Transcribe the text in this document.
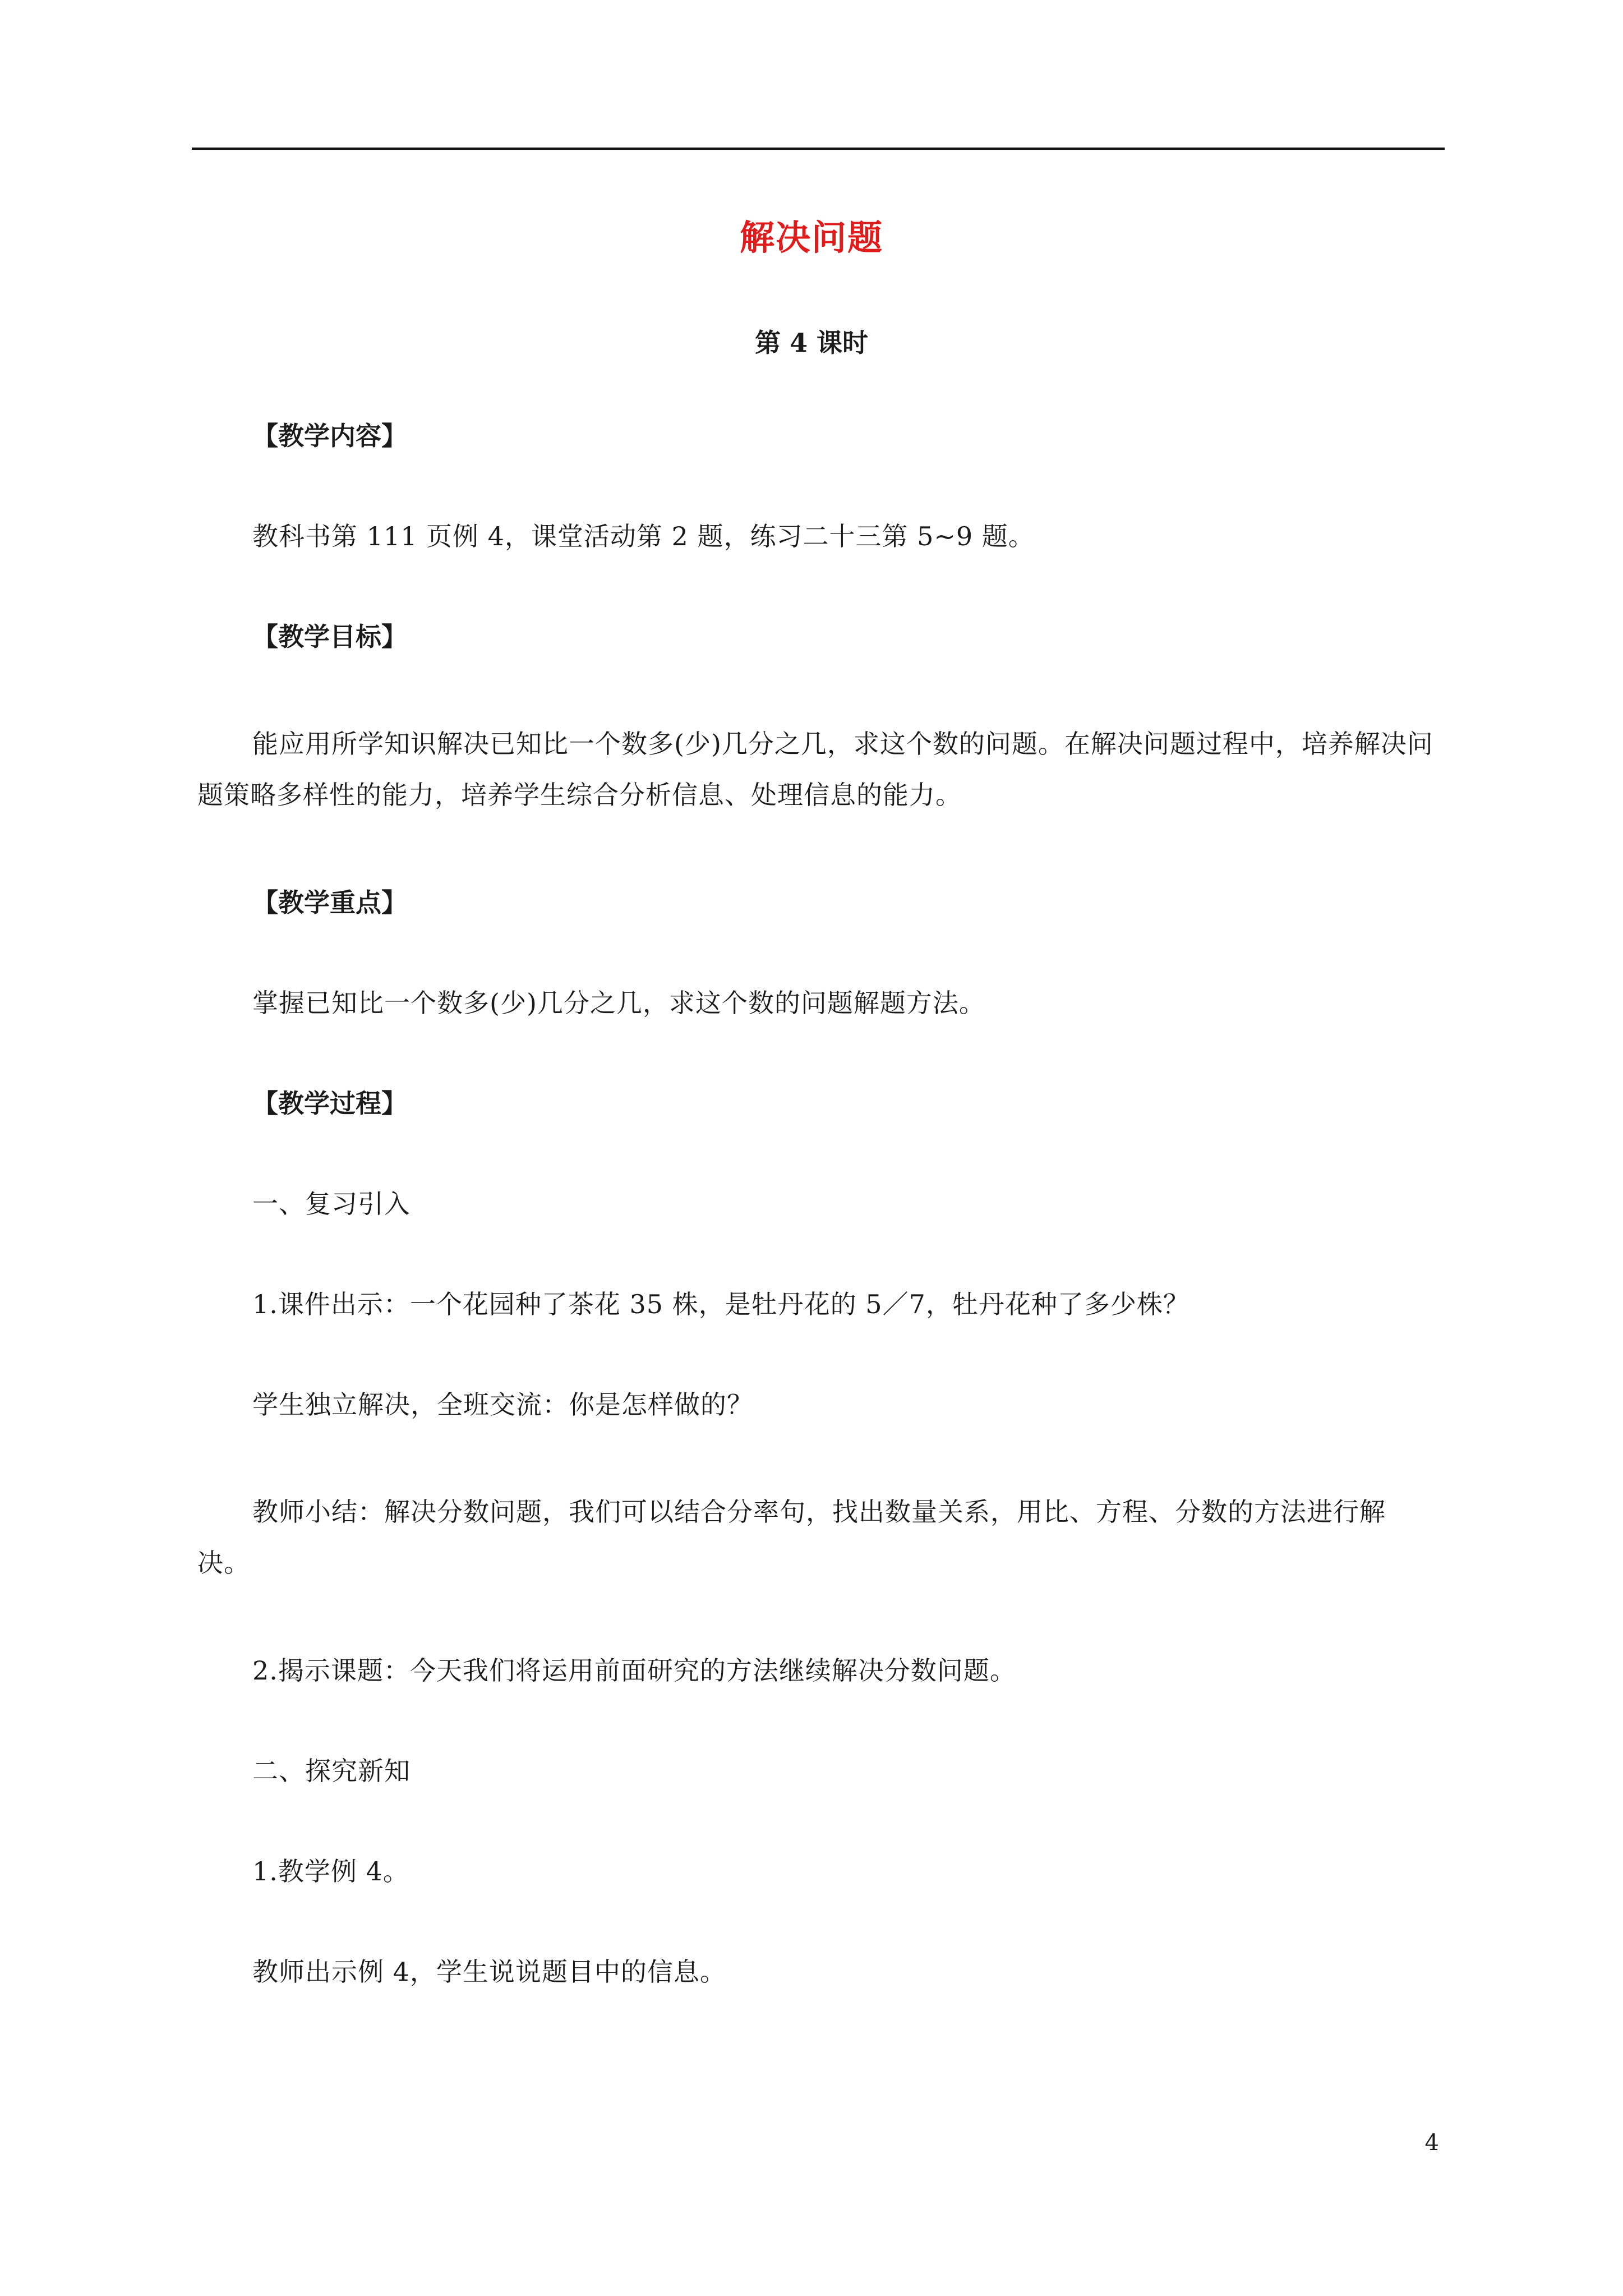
解决问题
第 4 课时
【教学内容】
教科书第 111 页例 4，课堂活动第 2 题，练习二十三第 5~9 题。
【教学目标】
能应用所学知识解决已知比一个数多(少)几分之几，求这个数的问题。在解决问题过程中，培养解决问题策略多样性的能力，培养学生综合分析信息、处理信息的能力。
【教学重点】
掌握已知比一个数多(少)几分之几，求这个数的问题解题方法。
【教学过程】
一、复习引入
1.课件出示：一个花园种了茶花 35 株，是牡丹花的 5／7，牡丹花种了多少株？
学生独立解决，全班交流：你是怎样做的？
教师小结：解决分数问题，我们可以结合分率句，找出数量关系，用比、方程、分数的方法进行解决。
2.揭示课题：今天我们将运用前面研究的方法继续解决分数问题。
二、探究新知
1.教学例 4。
教师出示例 4，学生说说题目中的信息。
4
